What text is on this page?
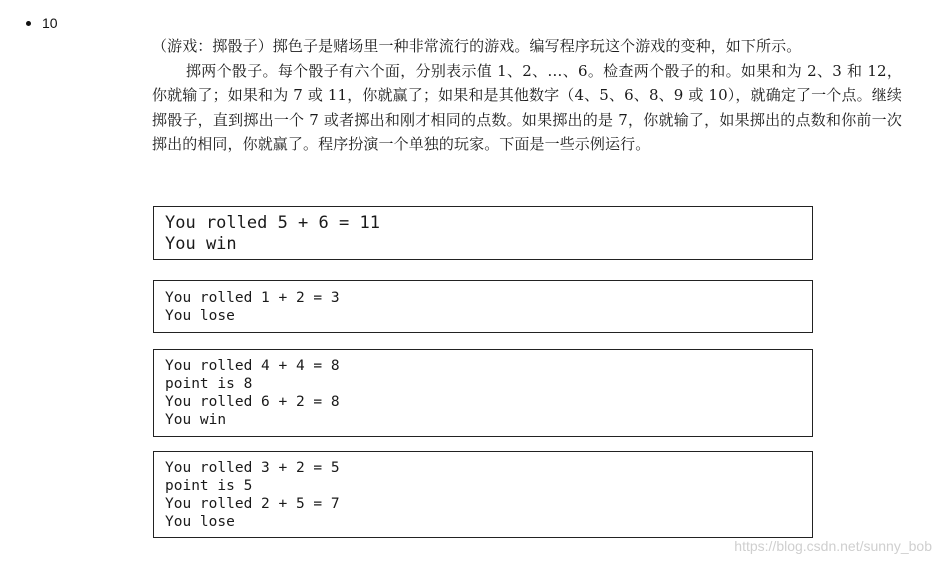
10

（游戏：掷骰子）掷色子是赌场里一种非常流行的游戏。编写程序玩这个游戏的变种，如下所示。

掷两个骰子。每个骰子有六个面，分别表示值 1、2、…、6。检查两个骰子的和。如果和为 2、3 和 12，你就输了；如果和为 7 或 11，你就赢了；如果和是其他数字（4、5、6、8、9 或 10），就确定了一个点。继续掷骰子，直到掷出一个 7 或者掷出和刚才相同的点数。如果掷出的是 7，你就输了，如果掷出的点数和你前一次掷出的相同，你就赢了。程序扮演一个单独的玩家。下面是一些示例运行。

You rolled 5 + 6 = 11
You win
You rolled 1 + 2 = 3
You lose
You rolled 4 + 4 = 8
point is 8
You rolled 6 + 2 = 8
You win
You rolled 3 + 2 = 5
point is 5
You rolled 2 + 5 = 7
You lose
https://blog.csdn.net/sunny_bob
